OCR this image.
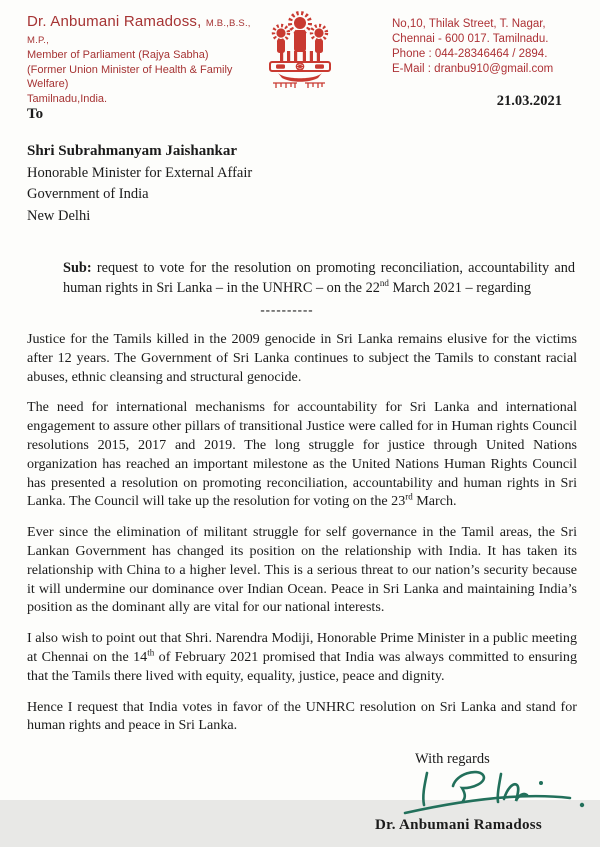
Dr. Anbumani Ramadoss, M.B.,B.S., M.P.,
Member of Parliament (Rajya Sabha)
(Former Union Minister of Health & Family Welfare)
Tamilnadu,India.
No,10, Thilak Street, T. Nagar,
Chennai - 600 017. Tamilnadu.
Phone : 044-28346464 / 2894.
E-Mail : dranbu910@gmail.com
21.03.2021
To
Shri Subrahmanyam Jaishankar
Honorable Minister for External Affair
Government of India
New Delhi
Sub: request to vote for the resolution on promoting reconciliation, accountability and human rights in Sri Lanka – in the UNHRC – on the 22nd March 2021 – regarding
----------

Justice for the Tamils killed in the 2009 genocide in Sri Lanka remains elusive for the victims after 12 years. The Government of Sri Lanka continues to subject the Tamils to constant racial abuses, ethnic cleansing and structural genocide.

The need for international mechanisms for accountability for Sri Lanka and international engagement to assure other pillars of transitional Justice were called for in Human rights Council resolutions 2015, 2017 and 2019. The long struggle for justice through United Nations organization has reached an important milestone as the United Nations Human Rights Council has presented a resolution on promoting reconciliation, accountability and human rights in Sri Lanka. The Council will take up the resolution for voting on the 23rd March.

Ever since the elimination of militant struggle for self governance in the Tamil areas, the Sri Lankan Government has changed its position on the relationship with India. It has taken its relationship with China to a higher level. This is a serious threat to our nation’s security because it will undermine our dominance over Indian Ocean. Peace in Sri Lanka and maintaining India’s position as the dominant ally are vital for our national interests.

I also wish to point out that Shri. Narendra Modiji, Honorable Prime Minister in a public meeting at Chennai on the 14th of February 2021 promised that India was always committed to ensuring that the Tamils there lived with equity, equality, justice, peace and dignity.

Hence I request that India votes in favor of the UNHRC resolution on Sri Lanka and stand for human rights and peace in Sri Lanka.

With regards
Dr. Anbumani Ramadoss
